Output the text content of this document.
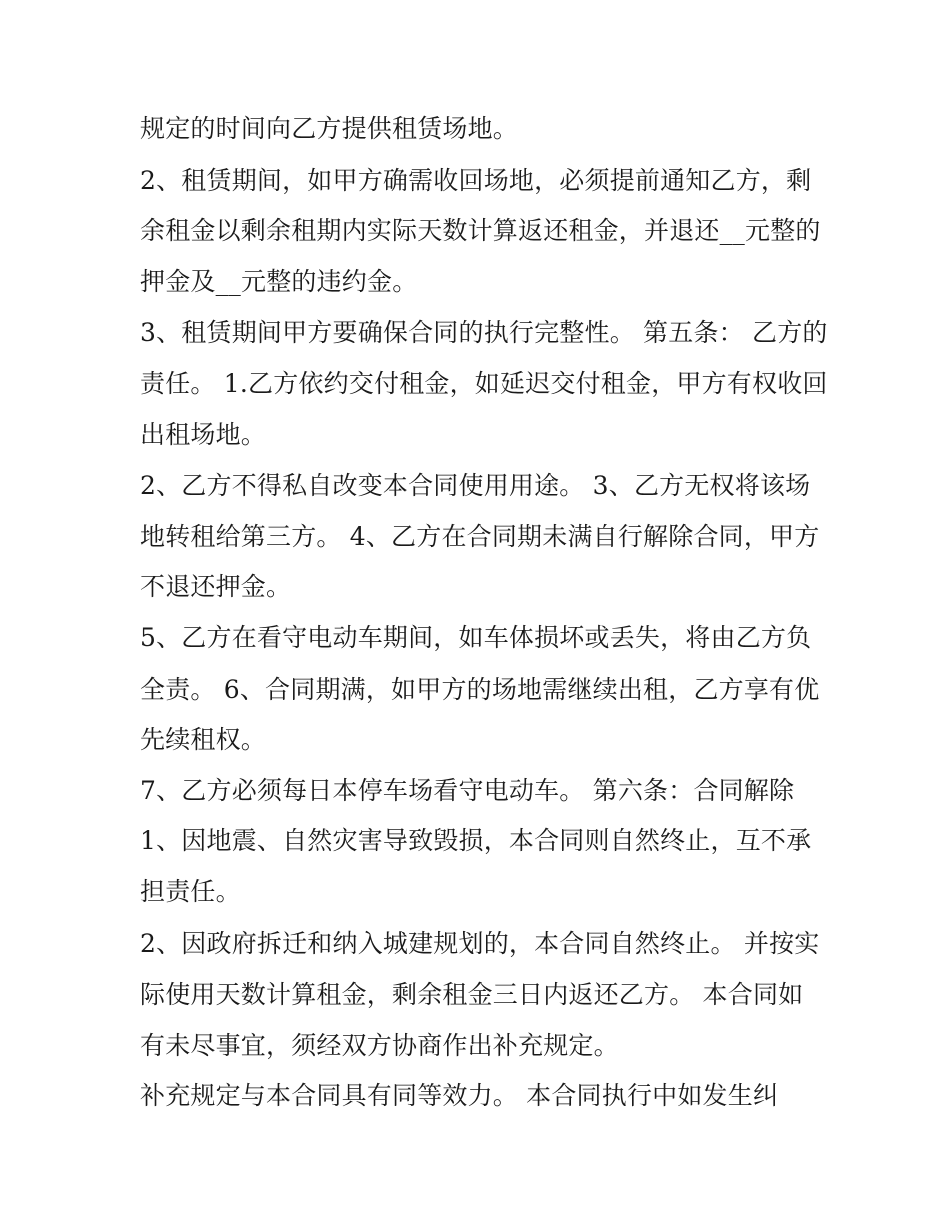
规定的时间向乙方提供租赁场地。
2、租赁期间，如甲方确需收回场地，必须提前通知乙方，剩
余租金以剩余租期内实际天数计算返还租金，并退还__元整的
押金及__元整的违约金。
3、租赁期间甲方要确保合同的执行完整性。 第五条： 乙方的
责任。 1.乙方依约交付租金，如延迟交付租金，甲方有权收回
出租场地。
2、乙方不得私自改变本合同使用用途。 3、乙方无权将该场
地转租给第三方。 4、乙方在合同期未满自行解除合同，甲方
不退还押金。
5、乙方在看守电动车期间，如车体损坏或丢失，将由乙方负
全责。 6、合同期满，如甲方的场地需继续出租，乙方享有优
先续租权。
7、乙方必须每日本停车场看守电动车。 第六条：合同解除
1、因地震、自然灾害导致毁损，本合同则自然终止，互不承
担责任。
2、因政府拆迁和纳入城建规划的，本合同自然终止。 并按实
际使用天数计算租金，剩余租金三日内返还乙方。 本合同如
有未尽事宜，须经双方协商作出补充规定。
补充规定与本合同具有同等效力。 本合同执行中如发生纠
